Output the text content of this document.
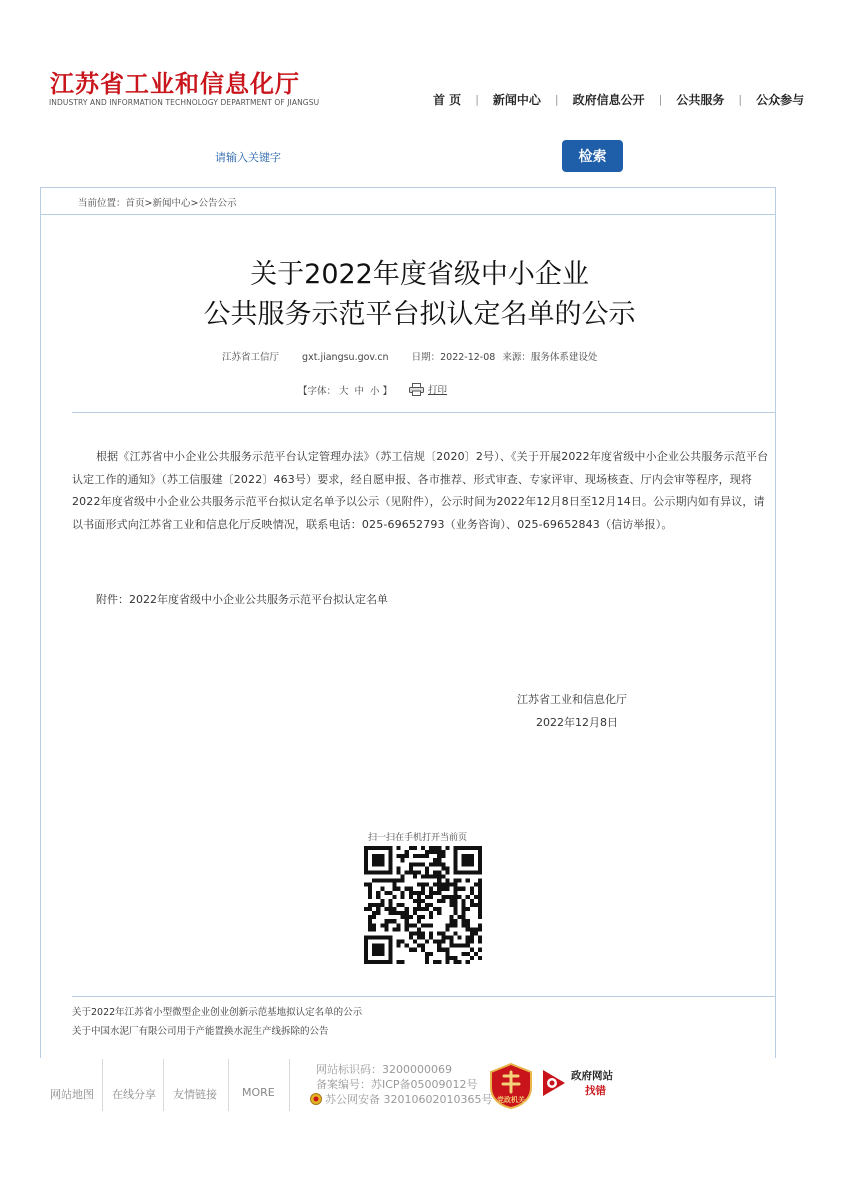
江苏省工业和信息化厅
INDUSTRY AND INFORMATION TECHNOLOGY DEPARTMENT OF JIANGSU	首 页 | 新闻中心 | 政府信息公开 | 公共服务 | 公众参与
请输入关键字
检索
当前位置：首页>新闻中心>公告公示
关于2022年度省级中小企业
公共服务示范平台拟认定名单的公示
江苏省工信厅 gxt.jiangsu.gov.cn 日期：2022-12-08 来源：服务体系建设处
【字体： 大 中 小 】	打印
根据《江苏省中小企业公共服务示范平台认定管理办法》（苏工信规〔2020〕2号）、《关于开展2022年度省级中小企业公共服务示范平台认定工作的通知》（苏工信服建〔2022〕463号）要求，经自愿申报、各市推荐、形式审查、专家评审、现场核查、厅内会审等程序，现将2022年度省级中小企业公共服务示范平台拟认定名单予以公示（见附件），公示时间为2022年12月8日至12月14日。公示期内如有异议，请以书面形式向江苏省工业和信息化厅反映情况，联系电话：025-69652793（业务咨询）、025-69652843（信访举报）。
附件：2022年度省级中小企业公共服务示范平台拟认定名单
江苏省工业和信息化厅
2022年12月8日
扫一扫在手机打开当前页
关于2022年江苏省小型微型企业创业创新示范基地拟认定名单的公示
关于中国水泥厂有限公司用于产能置换水泥生产线拆除的公告
网站地图 在线分享 友情链接 MORE
网站标识码：3200000069
备案编号：苏ICP备05009012号
苏公网安备 32010602010365号 党政机关
政府网站
找错
